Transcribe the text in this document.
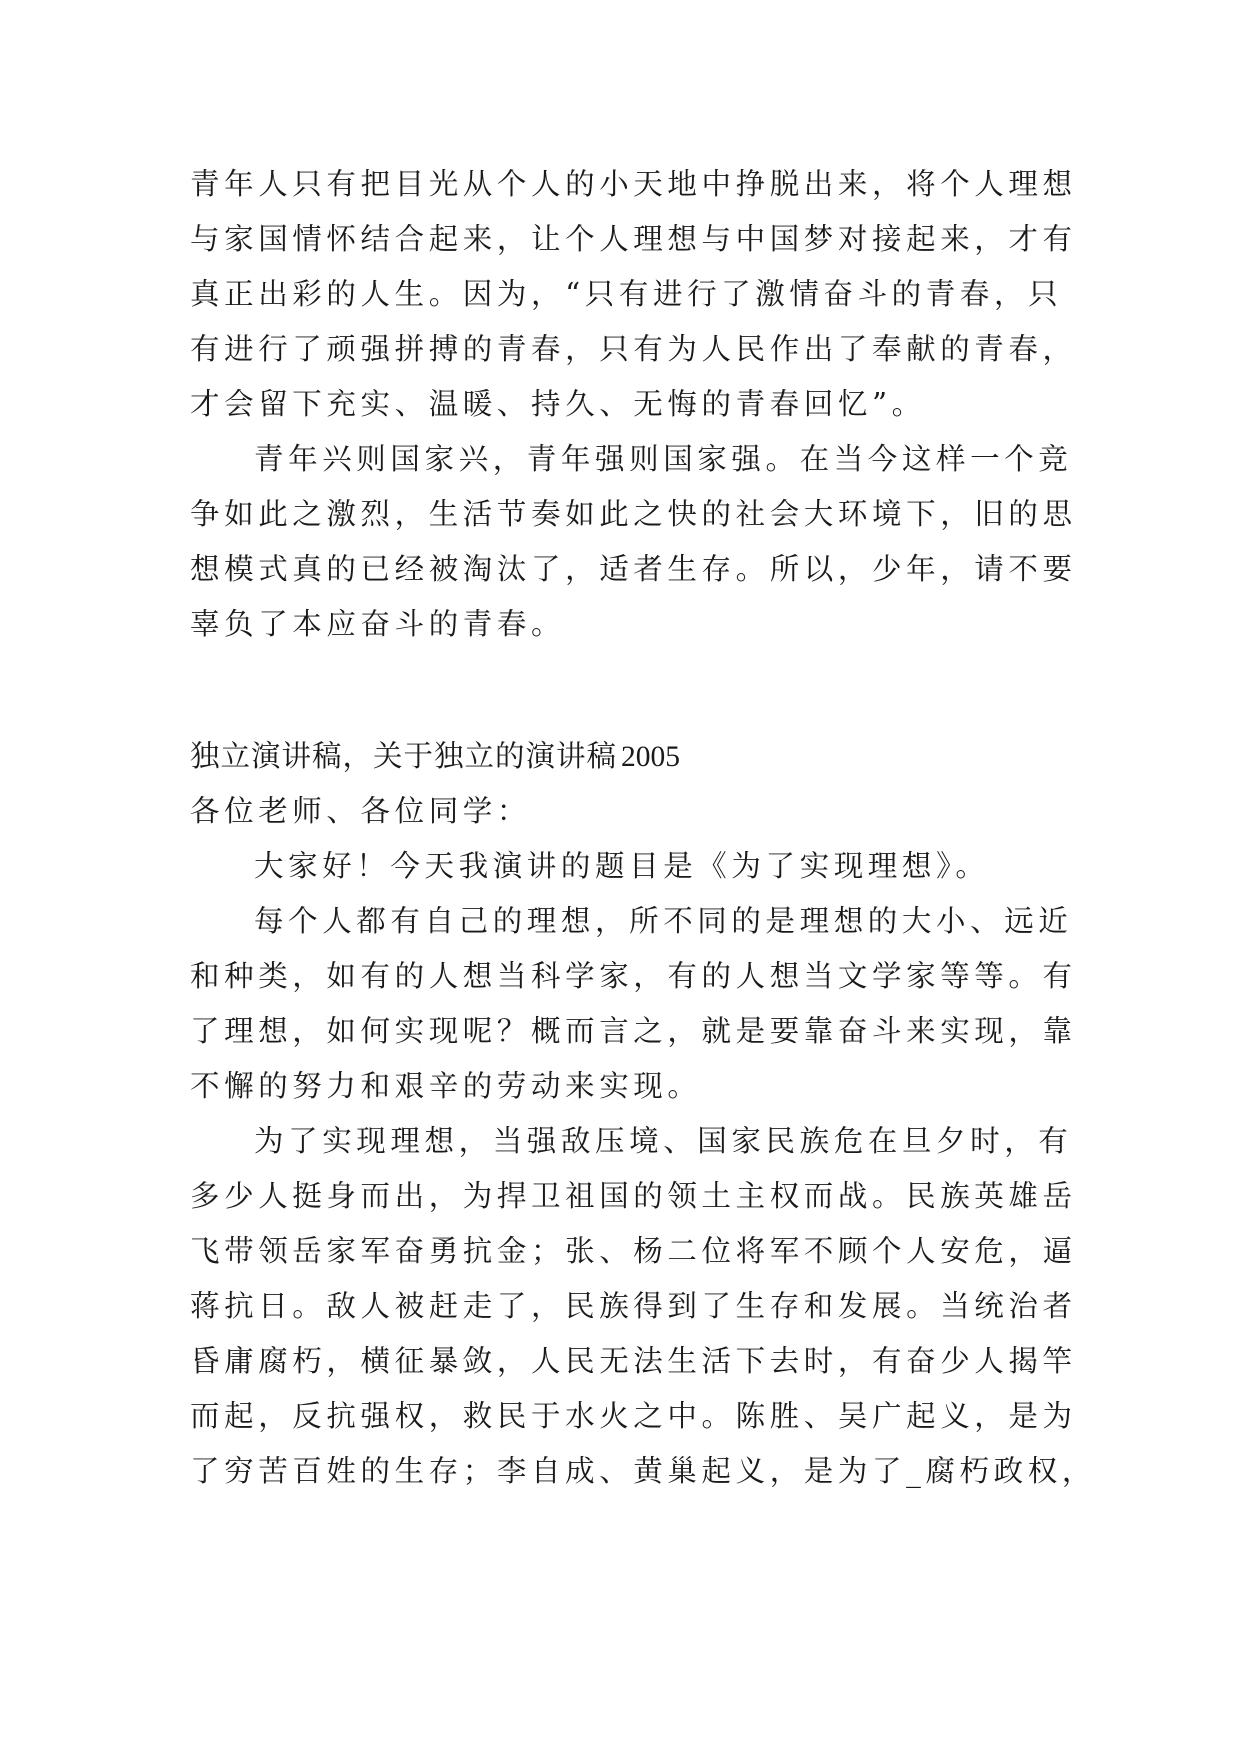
青年人只有把目光从个人的小天地中挣脱出来，将个人理想
与家国情怀结合起来，让个人理想与中国梦对接起来，才有
真正出彩的人生。因为，“只有进行了激情奋斗的青春，只
有进行了顽强拼搏的青春，只有为人民作出了奉献的青春，
才会留下充实、温暖、持久、无悔的青春回忆”。
青年兴则国家兴，青年强则国家强。在当今这样一个竞
争如此之激烈，生活节奏如此之快的社会大环境下，旧的思
想模式真的已经被淘汰了，适者生存。所以，少年，请不要
辜负了本应奋斗的青春。
独立演讲稿，关于独立的演讲稿 2005
各位老师、各位同学：
大家好！今天我演讲的题目是《为了实现理想》。
每个人都有自己的理想，所不同的是理想的大小、远近
和种类，如有的人想当科学家，有的人想当文学家等等。有
了理想，如何实现呢？概而言之，就是要靠奋斗来实现，靠
不懈的努力和艰辛的劳动来实现。
为了实现理想，当强敌压境、国家民族危在旦夕时，有
多少人挺身而出，为捍卫祖国的领土主权而战。民族英雄岳
飞带领岳家军奋勇抗金；张、杨二位将军不顾个人安危，逼
蒋抗日。敌人被赶走了，民族得到了生存和发展。当统治者
昏庸腐朽，横征暴敛，人民无法生活下去时，有奋少人揭竿
而起，反抗强权，救民于水火之中。陈胜、吴广起义，是为
了穷苦百姓的生存；李自成、黄巢起义，是为了_腐朽政权，
